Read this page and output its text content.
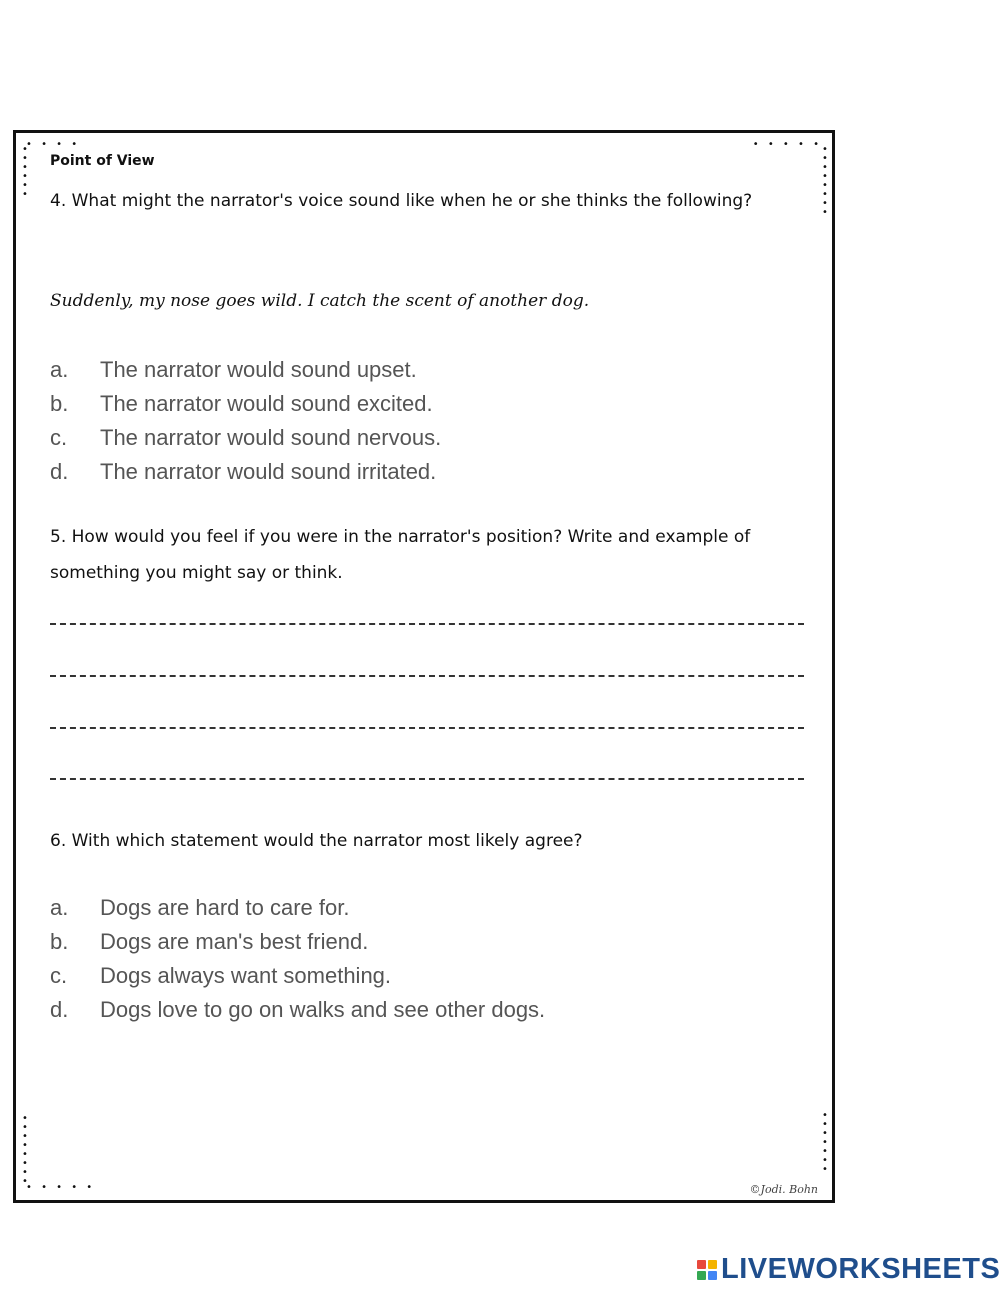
• • • •	• • • • •
• • • • •
•
•
•
•
•
•
•
•
•
•
•
•
•
•
•
•
•
•
•
•
•
•
•
•
•
•
•
•
•
Point of View
4. What might the narrator's voice sound like when he or she thinks the following?
Suddenly, my nose goes wild. I catch the scent of another dog.
a.	The narrator would sound upset.
b.	The narrator would sound excited.
c.	The narrator would sound nervous.
d.	The narrator would sound irritated.
5. How would you feel if you were in the narrator's position? Write and example of something you might say or think.
6. With which statement would the narrator most likely agree?
a.	Dogs are hard to care for.
b.	Dogs are man's best friend.
c.	Dogs always want something.
d.	Dogs love to go on walks and see other dogs.
©Jodi. Bohn
LIVEWORKSHEETS
